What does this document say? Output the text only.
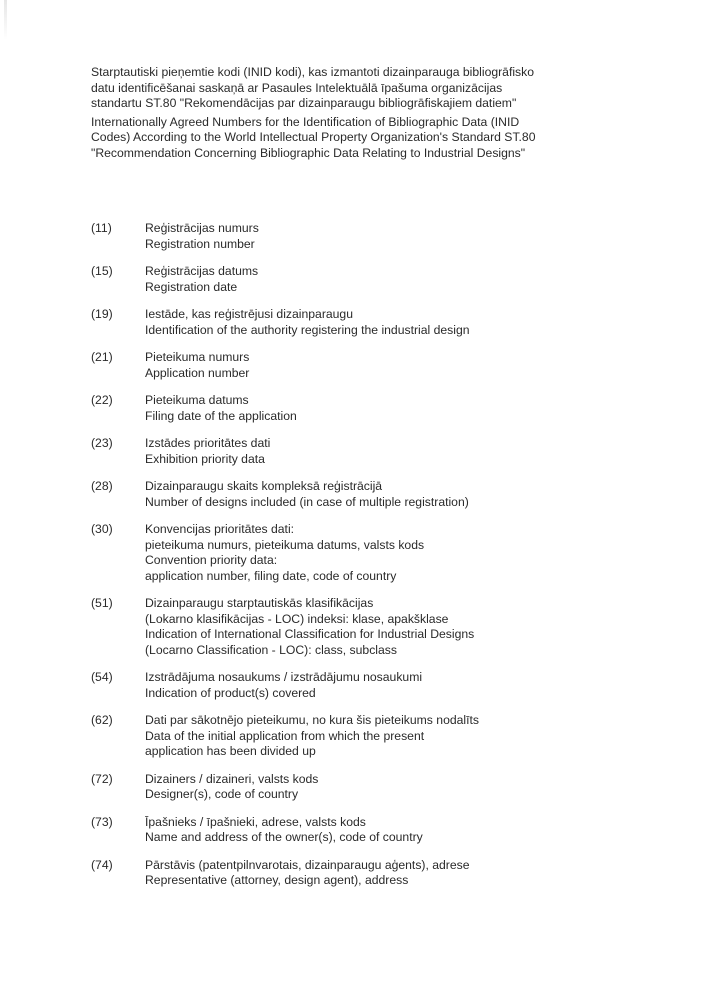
Starptautiski pieņemtie kodi (INID kodi), kas izmantoti dizainparauga bibliogrāfisko datu identificēšanai saskaņā ar Pasaules Intelektuālā īpašuma organizācijas standartu ST.80 "Rekomendācijas par dizainparaugu bibliogrāfiskajiem datiem"

Internationally Agreed Numbers for the Identification of Bibliographic Data (INID Codes) According to the World Intellectual Property Organization's Standard ST.80 "Recommendation Concerning Bibliographic Data Relating to Industrial Designs"

(11)	Reģistrācijas numurs
Registration number
(15)	Reģistrācijas datums
Registration date
(19)	Iestāde, kas reģistrējusi dizainparaugu
Identification of the authority registering the industrial design
(21)	Pieteikuma numurs
Application number
(22)	Pieteikuma datums
Filing date of the application
(23)	Izstādes prioritātes dati
Exhibition priority data
(28)	Dizainparaugu skaits kompleksā reģistrācijā
Number of designs included (in case of multiple registration)
(30)	Konvencijas prioritātes dati:
pieteikuma numurs, pieteikuma datums, valsts kods
Convention priority data:
application number, filing date, code of country
(51)	Dizainparaugu starptautiskās klasifikācijas
(Lokarno klasifikācijas - LOC) indeksi: klase, apakšklase
Indication of International Classification for Industrial Designs
(Locarno Classification - LOC): class, subclass
(54)	Izstrādājuma nosaukums / izstrādājumu nosaukumi
Indication of product(s) covered
(62)	Dati par sākotnējo pieteikumu, no kura šis pieteikums nodalīts
Data of the initial application from which the present
application has been divided up
(72)	Dizainers / dizaineri, valsts kods
Designer(s), code of country
(73)	Īpašnieks / īpašnieki, adrese, valsts kods
Name and address of the owner(s), code of country
(74)	Pārstāvis (patentpilnvarotais, dizainparaugu aģents), adrese
Representative (attorney, design agent), address
